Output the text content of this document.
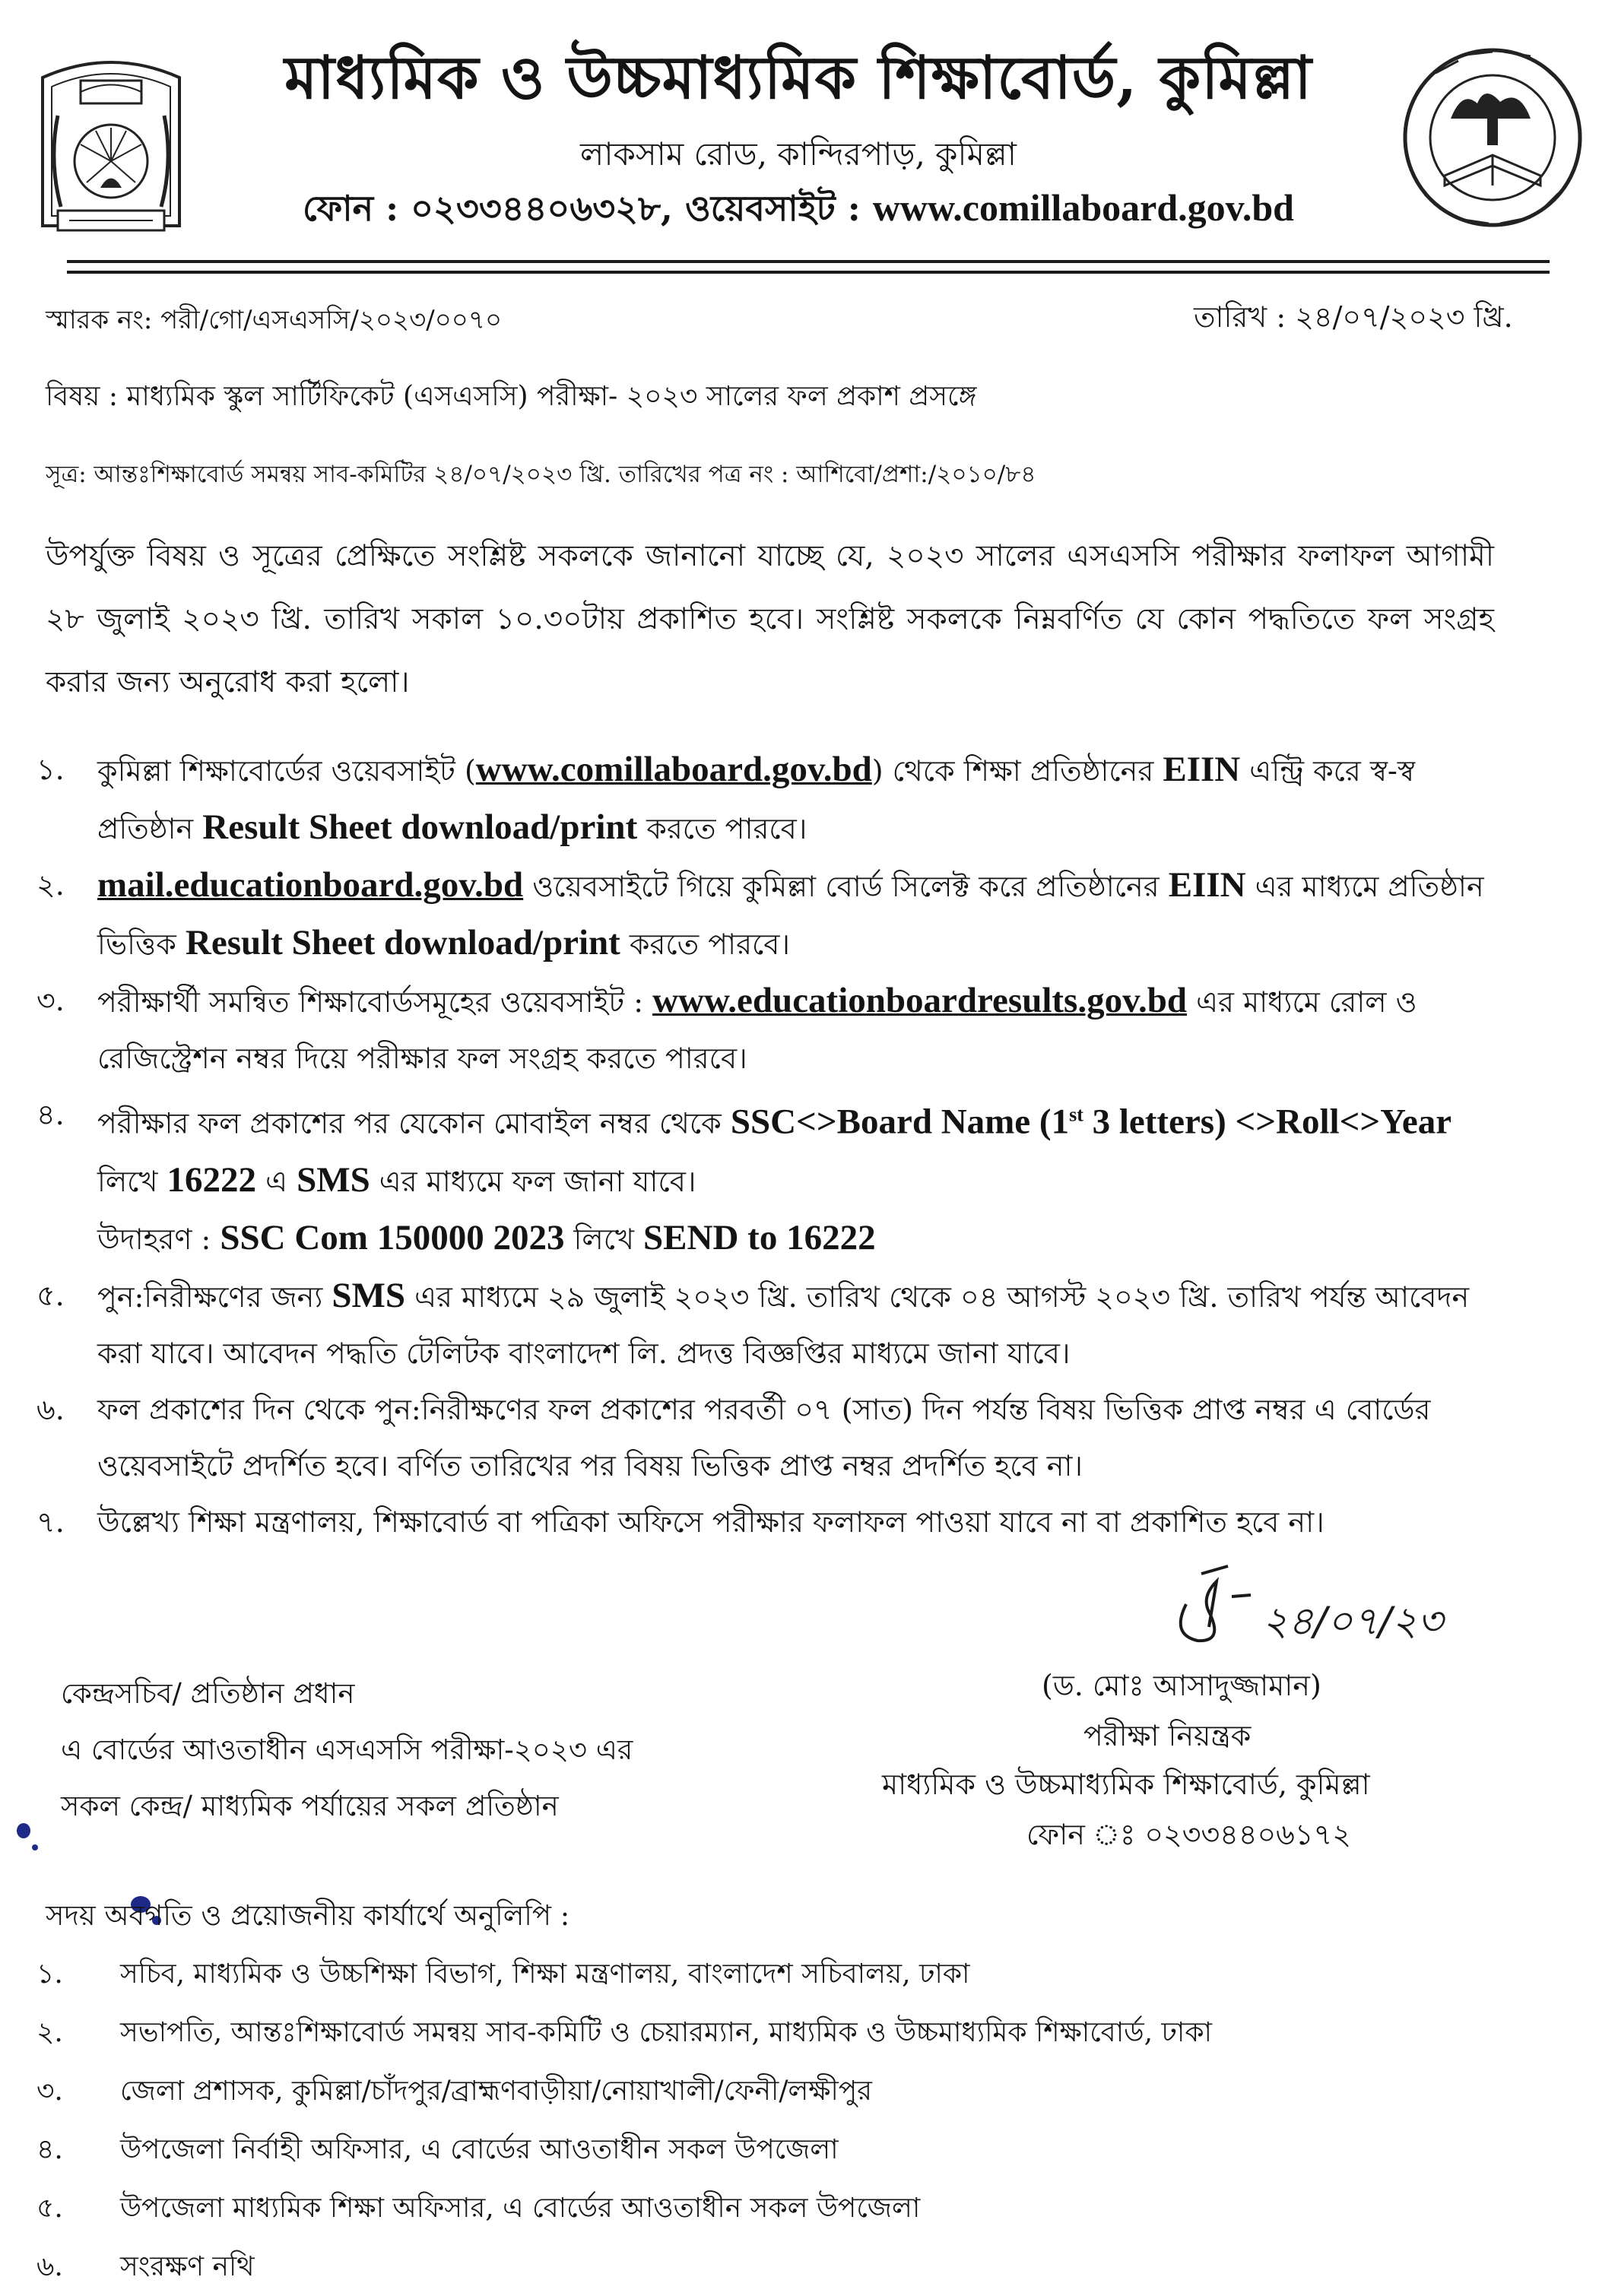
মাধ্যমিক ও উচ্চমাধ্যমিক শিক্ষাবোর্ড, কুমিল্লা
লাকসাম রোড, কান্দিরপাড়, কুমিল্লা
ফোন : ০২৩৩৪৪০৬৩২৮, ওয়েবসাইট : www.comillaboard.gov.bd
স্মারক নং: পরী/গো/এসএসসি/২০২৩/০০৭০	তারিখ : ২৪/০৭/২০২৩ খ্রি.
বিষয় : মাধ্যমিক স্কুল সার্টিফিকেট (এসএসসি) পরীক্ষা- ২০২৩ সালের ফল প্রকাশ প্রসঙ্গে
সূত্র: আন্তঃশিক্ষাবোর্ড সমন্বয় সাব-কমিটির ২৪/০৭/২০২৩ খ্রি. তারিখের পত্র নং : আশিবো/প্রশা:/২০১০/৮৪
উপর্যুক্ত বিষয় ও সূত্রের প্রেক্ষিতে সংশ্লিষ্ট সকলকে জানানো যাচ্ছে যে, ২০২৩ সালের এসএসসি পরীক্ষার ফলাফল আগামী ২৮ জুলাই ২০২৩ খ্রি. তারিখ সকাল ১০.৩০টায় প্রকাশিত হবে। সংশ্লিষ্ট সকলকে নিম্নবর্ণিত যে কোন পদ্ধতিতে ফল সংগ্রহ করার জন্য অনুরোধ করা হলো।
১.	কুমিল্লা শিক্ষাবোর্ডের ওয়েবসাইট (www.comillaboard.gov.bd) থেকে শিক্ষা প্রতিষ্ঠানের EIIN এন্ট্রি করে স্ব-স্ব প্রতিষ্ঠান Result Sheet download/print করতে পারবে।
২. mail.educationboard.gov.bd ওয়েবসাইটে গিয়ে কুমিল্লা বোর্ড সিলেক্ট করে প্রতিষ্ঠানের EIIN এর মাধ্যমে প্রতিষ্ঠান ভিত্তিক Result Sheet download/print করতে পারবে।
৩.	পরীক্ষার্থী সমন্বিত শিক্ষাবোর্ডসমূহের ওয়েবসাইট : www.educationboardresults.gov.bd এর মাধ্যমে রোল ও রেজিস্ট্রেশন নম্বর দিয়ে পরীক্ষার ফল সংগ্রহ করতে পারবে।
৪.	পরীক্ষার ফল প্রকাশের পর যেকোন মোবাইল নম্বর থেকে SSC<>Board Name (1st 3 letters) <>Roll<>Year লিখে 16222 এ SMS এর মাধ্যমে ফল জানা যাবে।
উদাহরণ : SSC Com 150000 2023 লিখে SEND to 16222
৫.	পুন:নিরীক্ষণের জন্য SMS এর মাধ্যমে ২৯ জুলাই ২০২৩ খ্রি. তারিখ থেকে ০৪ আগস্ট ২০২৩ খ্রি. তারিখ পর্যন্ত আবেদন করা যাবে। আবেদন পদ্ধতি টেলিটক বাংলাদেশ লি. প্রদত্ত বিজ্ঞপ্তির মাধ্যমে জানা যাবে।
৬.	ফল প্রকাশের দিন থেকে পুন:নিরীক্ষণের ফল প্রকাশের পরবর্তী ০৭ (সাত) দিন পর্যন্ত বিষয় ভিত্তিক প্রাপ্ত নম্বর এ বোর্ডের ওয়েবসাইটে প্রদর্শিত হবে। বর্ণিত তারিখের পর বিষয় ভিত্তিক প্রাপ্ত নম্বর প্রদর্শিত হবে না।
৭.	উল্লেখ্য শিক্ষা মন্ত্রণালয়, শিক্ষাবোর্ড বা পত্রিকা অফিসে পরীক্ষার ফলাফল পাওয়া যাবে না বা প্রকাশিত হবে না।
২৪/০৭/২৩
(ড. মোঃ আসাদুজ্জামান)
পরীক্ষা নিয়ন্ত্রক
মাধ্যমিক ও উচ্চমাধ্যমিক শিক্ষাবোর্ড, কুমিল্লা
ফোন ঃ ০২৩৩৪৪০৬১৭২
কেন্দ্রসচিব/ প্রতিষ্ঠান প্রধান
এ বোর্ডের আওতাধীন এসএসসি পরীক্ষা-২০২৩ এর
সকল কেন্দ্র/ মাধ্যমিক পর্যায়ের সকল প্রতিষ্ঠান
সদয় অবগতি ও প্রয়োজনীয় কার্যার্থে অনুলিপি :
১. সচিব, মাধ্যমিক ও উচ্চশিক্ষা বিভাগ, শিক্ষা মন্ত্রণালয়, বাংলাদেশ সচিবালয়, ঢাকা
২. সভাপতি, আন্তঃশিক্ষাবোর্ড সমন্বয় সাব-কমিটি ও চেয়ারম্যান, মাধ্যমিক ও উচ্চমাধ্যমিক শিক্ষাবোর্ড, ঢাকা
৩. জেলা প্রশাসক, কুমিল্লা/চাঁদপুর/ব্রাহ্মণবাড়ীয়া/নোয়াখালী/ফেনী/লক্ষীপুর
৪. উপজেলা নির্বাহী অফিসার, এ বোর্ডের আওতাধীন সকল উপজেলা
৫. উপজেলা মাধ্যমিক শিক্ষা অফিসার, এ বোর্ডের আওতাধীন সকল উপজেলা
৬. সংরক্ষণ নথি
